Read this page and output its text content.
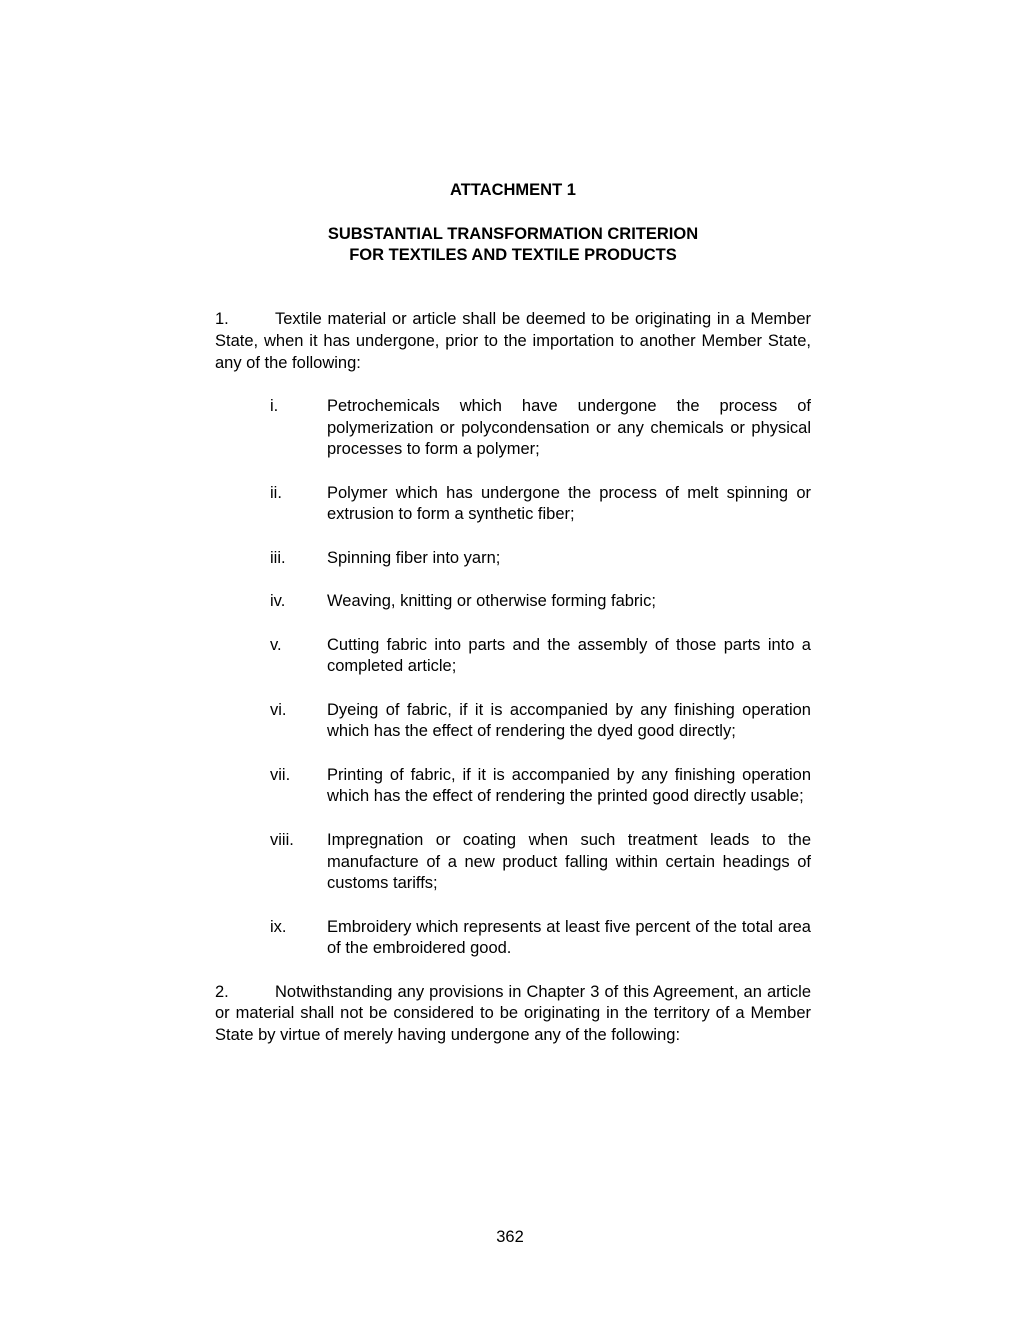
ATTACHMENT 1
SUBSTANTIAL TRANSFORMATION CRITERION
FOR TEXTILES AND TEXTILE PRODUCTS

1.	Textile material or article shall be deemed to be originating in a Member State, when it has undergone, prior to the importation to another Member State, any of the following:

i.	Petrochemicals which have undergone the process of polymerization or polycondensation or any chemicals or physical processes to form a polymer;
ii.	Polymer which has undergone the process of melt spinning or extrusion to form a synthetic fiber;
iii.	Spinning fiber into yarn;
iv.	Weaving, knitting or otherwise forming fabric;
v.	Cutting fabric into parts and the assembly of those parts into a completed article;
vi.	Dyeing of fabric, if it is accompanied by any finishing operation which has the effect of rendering the dyed good directly;
vii.	Printing of fabric, if it is accompanied by any finishing operation which has the effect of rendering the printed good directly usable;
viii.	Impregnation or coating when such treatment leads to the manufacture of a new product falling within certain headings of customs tariffs;
ix.	Embroidery which represents at least five percent of the total area of the embroidered good.

2.	Notwithstanding any provisions in Chapter 3 of this Agreement, an article or material shall not be considered to be originating in the territory of a Member State by virtue of merely having undergone any of the following:

362
